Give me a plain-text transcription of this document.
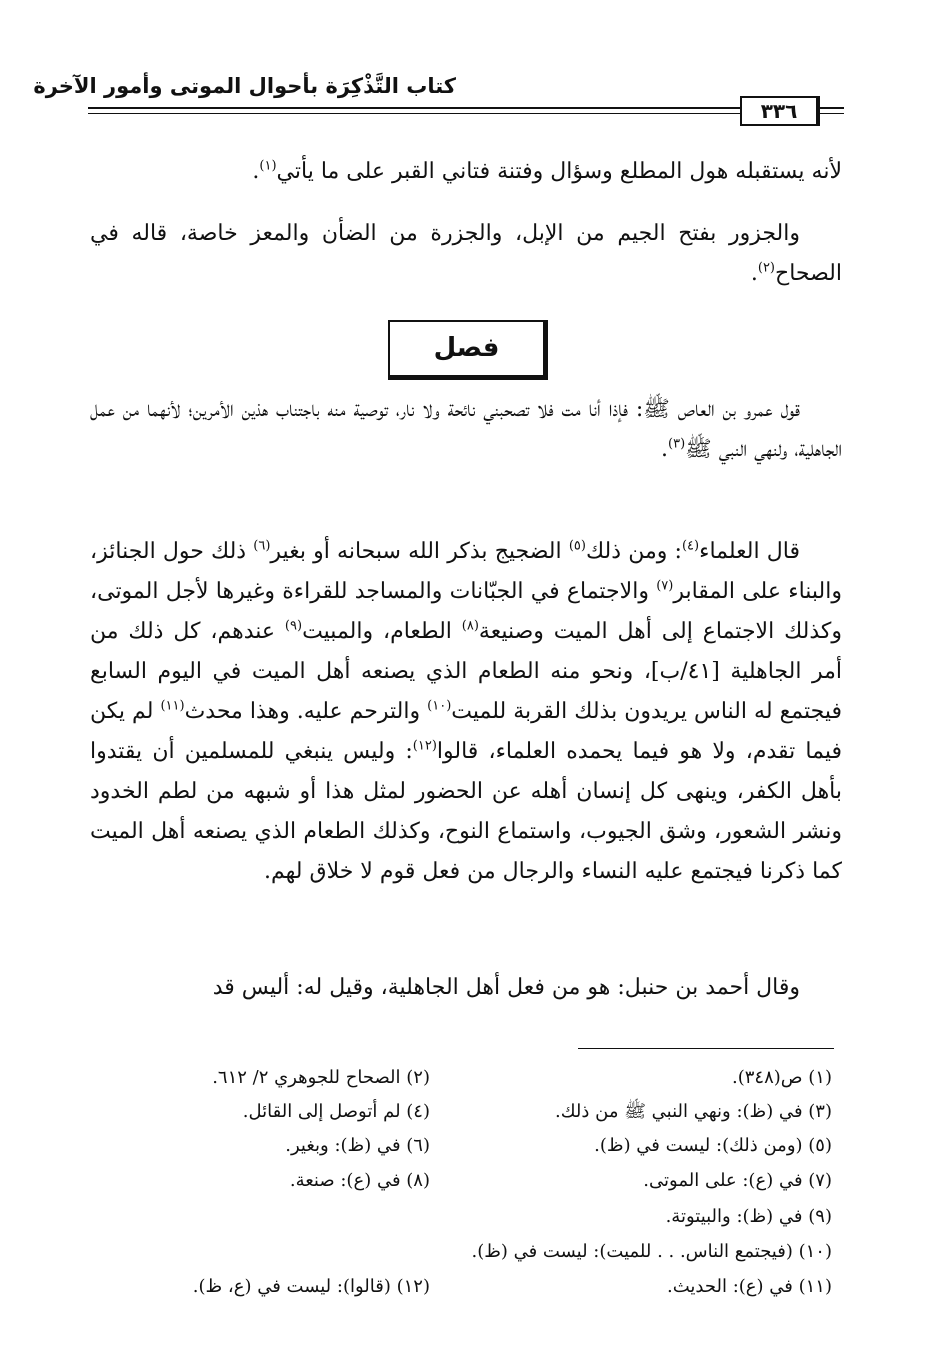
كتاب التَّذْكِرَة بأحوال الموتى وأمور الآخرة
٣٣٦

لأنه يستقبله هول المطلع وسؤال وفتنة فتاني القبر على ما يأتي$^{(١)}$.

والجزور بفتح الجيم من الإبل، والجزرة من الضأن والمعز خاصة، قاله في الصحاح$^{(٢)}$.

فصل

قول عمرو بن العاص ﷺ: فإذا أنا مت فلا تصحبني نائحة ولا نار، توصية منه باجتناب هذين الأمرين؛ لأنهما من عمل الجاهلية، ولنهي النبي ﷺ$^{(٣)}$.

قال العلماء$^{(٤)}$: ومن ذلك$^{(٥)}$ الضجيج بذكر الله سبحانه أو بغير$^{(٦)}$ ذلك حول الجنائز، والبناء على المقابر$^{(٧)}$ والاجتماع في الجبّانات والمساجد للقراءة وغيرها لأجل الموتى، وكذلك الاجتماع إلى أهل الميت وصنيعة$^{(٨)}$ الطعام، والمبيت$^{(٩)}$ عندهم، كل ذلك من أمر الجاهلية [٤١/ب]، ونحو منه الطعام الذي يصنعه أهل الميت في اليوم السابع فيجتمع له الناس يريدون بذلك القربة للميت$^{(١٠)}$ والترحم عليه. وهذا محدث$^{(١١)}$ لم يكن فيما تقدم، ولا هو فيما يحمده العلماء، قالوا$^{(١٢)}$: وليس ينبغي للمسلمين أن يقتدوا بأهل الكفر، وينهى كل إنسان أهله عن الحضور لمثل هذا أو شبهه من لطم الخدود ونشر الشعور، وشق الجيوب، واستماع النوح، وكذلك الطعام الذي يصنعه أهل الميت كما ذكرنا فيجتمع عليه النساء والرجال من فعل قوم لا خلاق لهم.

وقال أحمد بن حنبل: هو من فعل أهل الجاهلية، وقيل له: أليس قد

(١) ص(٣٤٨).
(٢) الصحاح للجوهري ٢/ ٦١٢.
(٣) في (ظ): ونهي النبي ﷺ من ذلك.
(٤) لم أتوصل إلى القائل.
(٥) (ومن ذلك): ليست في (ظ).
(٦) في (ظ): وبغير.
(٧) في (ع): على الموتى.
(٨) في (ع): صنعة.
(٩) في (ظ): والبيتوتة.
(١٠) (فيجتمع الناس. . . للميت): ليست في (ظ).
(١١) في (ع): الحديث.
(١٢) (قالوا): ليست في (ع، ظ).
